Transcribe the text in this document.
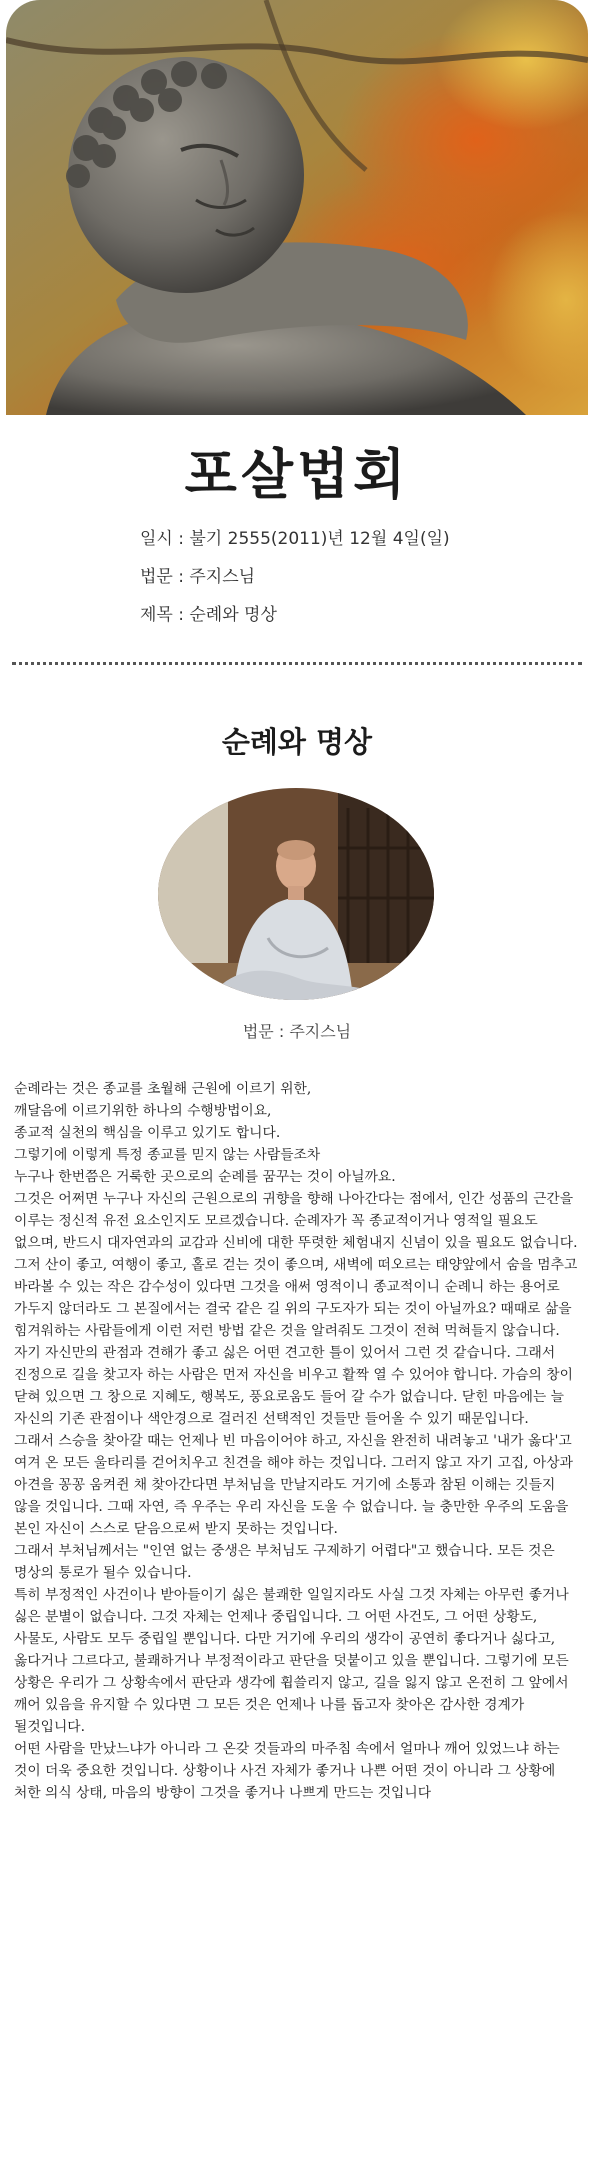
포살법회
일시 : 불기 2555(2011)년 12월 4일(일)
법문 : 주지스님
제목 : 순례와 명상
순례와 명상
법문 : 주지스님

순례라는 것은 종교를 초월해 근원에 이르기 위한,

깨달음에 이르기위한 하나의 수행방법이요,

종교적 실천의 핵심을 이루고 있기도 합니다.

그렇기에 이렇게 특정 종교를 믿지 않는 사람들조차

누구나 한번쯤은 거룩한 곳으로의 순례를 꿈꾸는 것이 아닐까요.

그것은 어쩌면 누구나 자신의 근원으로의 귀향을 향해 나아간다는 점에서, 인간 성품의 근간을 이루는 정신적 유전 요소인지도 모르겠습니다. 순례자가 꼭 종교적이거나 영적일 필요도 없으며, 반드시 대자연과의 교감과 신비에 대한 뚜렷한 체험내지 신념이 있을 필요도 없습니다. 그저 산이 좋고, 여행이 좋고, 홀로 걷는 것이 좋으며, 새벽에 떠오르는 태양앞에서 숨을 멈추고 바라볼 수 있는 작은 감수성이 있다면 그것을 애써 영적이니 종교적이니 순례니 하는 용어로 가두지 않더라도 그 본질에서는 결국 같은 길 위의 구도자가 되는 것이 아닐까요? 때때로 삶을 힘겨워하는 사람들에게 이런 저런 방법 같은 것을 알려줘도 그것이 전혀 먹혀들지 않습니다. 자기 자신만의 관점과 견해가 좋고 싫은 어떤 견고한 틀이 있어서 그런 것 같습니다. 그래서 진정으로 길을 찾고자 하는 사람은 먼저 자신을 비우고 활짝 열 수 있어야 합니다. 가슴의 창이 닫혀 있으면 그 창으로 지혜도, 행복도, 풍요로움도 들어 갈 수가 없습니다. 닫힌 마음에는 늘 자신의 기존 관점이나 색안경으로 걸러진 선택적인 것들만 들어올 수 있기 때문입니다.

그래서 스승을 찾아갈 때는 언제나 빈 마음이어야 하고, 자신을 완전히 내려놓고 '내가 옳다'고 여겨 온 모든 울타리를 걷어치우고 친견을 해야 하는 것입니다. 그러지 않고 자기 고집, 아상과 아견을 꽁꽁 움켜쥔 채 찾아간다면 부처님을 만날지라도 거기에 소통과 참된 이해는 깃들지 않을 것입니다. 그때 자연, 즉 우주는 우리 자신을 도울 수 없습니다. 늘 충만한 우주의 도움을 본인 자신이 스스로 닫음으로써 받지 못하는 것입니다.

그래서 부처님께서는 "인연 없는 중생은 부처님도 구제하기 어렵다"고 했습니다. 모든 것은 명상의 통로가 될수 있습니다.

특히 부정적인 사건이나 받아들이기 싫은 불쾌한 일일지라도 사실 그것 자체는 아무런 좋거나 싫은 분별이 없습니다. 그것 자체는 언제나 중립입니다. 그 어떤 사건도, 그 어떤 상황도, 사물도, 사람도 모두 중립일 뿐입니다. 다만 거기에 우리의 생각이 공연히 좋다거나 싫다고, 옳다거나 그르다고, 불쾌하거나 부정적이라고 판단을 덧붙이고 있을 뿐입니다. 그렇기에 모든 상황은 우리가 그 상황속에서 판단과 생각에 휩쓸리지 않고, 길을 잃지 않고 온전히 그 앞에서 깨어 있음을 유지할 수 있다면 그 모든 것은 언제나 나를 돕고자 찾아온 감사한 경계가 될것입니다.

어떤 사람을 만났느냐가 아니라 그 온갖 것들과의 마주침 속에서 얼마나 깨어 있었느냐 하는 것이 더욱 중요한 것입니다. 상황이나 사건 자체가 좋거나 나쁜 어떤 것이 아니라 그 상황에 처한 의식 상태, 마음의 방향이 그것을 좋거나 나쁘게 만드는 것입니다
